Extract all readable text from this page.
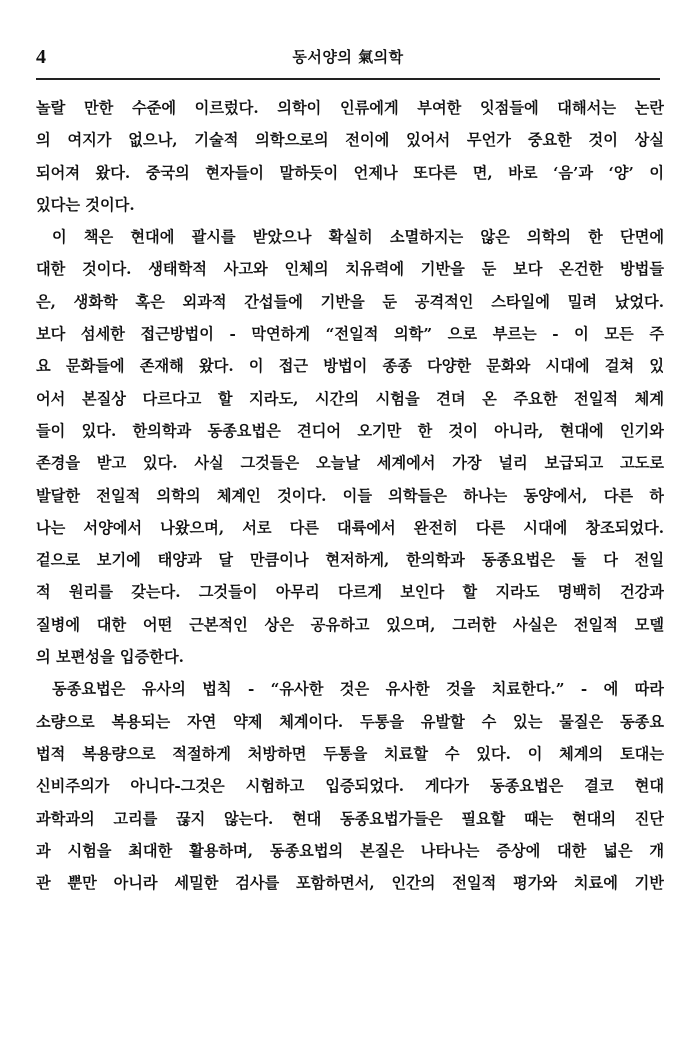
4	동서양의 氣의학
놀랄 만한 수준에 이르렀다. 의학이 인류에게 부여한 잇점들에 대해서는 논란
의 여지가 없으나, 기술적 의학으로의 전이에 있어서 무언가 중요한 것이 상실
되어져 왔다. 중국의 현자들이 말하듯이 언제나 또다른 면, 바로 ‘음’과 ‘양’ 이
있다는 것이다.
이 책은 현대에 괄시를 받았으나 확실히 소멸하지는 않은 의학의 한 단면에
대한 것이다. 생태학적 사고와 인체의 치유력에 기반을 둔 보다 온건한 방법들
은, 생화학 혹은 외과적 간섭들에 기반을 둔 공격적인 스타일에 밀려 났었다.
보다 섬세한 접근방법이 - 막연하게 “전일적 의학” 으로 부르는 - 이 모든 주
요 문화들에 존재해 왔다. 이 접근 방법이 종종 다양한 문화와 시대에 걸쳐 있
어서 본질상 다르다고 할 지라도, 시간의 시험을 견뎌 온 주요한 전일적 체계
들이 있다. 한의학과 동종요법은 견디어 오기만 한 것이 아니라, 현대에 인기와
존경을 받고 있다. 사실 그것들은 오늘날 세계에서 가장 널리 보급되고 고도로
발달한 전일적 의학의 체계인 것이다. 이들 의학들은 하나는 동양에서, 다른 하
나는 서양에서 나왔으며, 서로 다른 대륙에서 완전히 다른 시대에 창조되었다.
겉으로 보기에 태양과 달 만큼이나 현저하게, 한의학과 동종요법은 둘 다 전일
적 원리를 갖는다. 그것들이 아무리 다르게 보인다 할 지라도 명백히 건강과
질병에 대한 어떤 근본적인 상은 공유하고 있으며, 그러한 사실은 전일적 모델
의 보편성을 입증한다.
동종요법은 유사의 법칙 - “유사한 것은 유사한 것을 치료한다.” - 에 따라
소량으로 복용되는 자연 약제 체계이다. 두통을 유발할 수 있는 물질은 동종요
법적 복용량으로 적절하게 처방하면 두통을 치료할 수 있다. 이 체계의 토대는
신비주의가 아니다-그것은 시험하고 입증되었다. 게다가 동종요법은 결코 현대
과학과의 고리를 끊지 않는다. 현대 동종요법가들은 필요할 때는 현대의 진단
과 시험을 최대한 활용하며, 동종요법의 본질은 나타나는 증상에 대한 넓은 개
관 뿐만 아니라 세밀한 검사를 포함하면서, 인간의 전일적 평가와 치료에 기반
